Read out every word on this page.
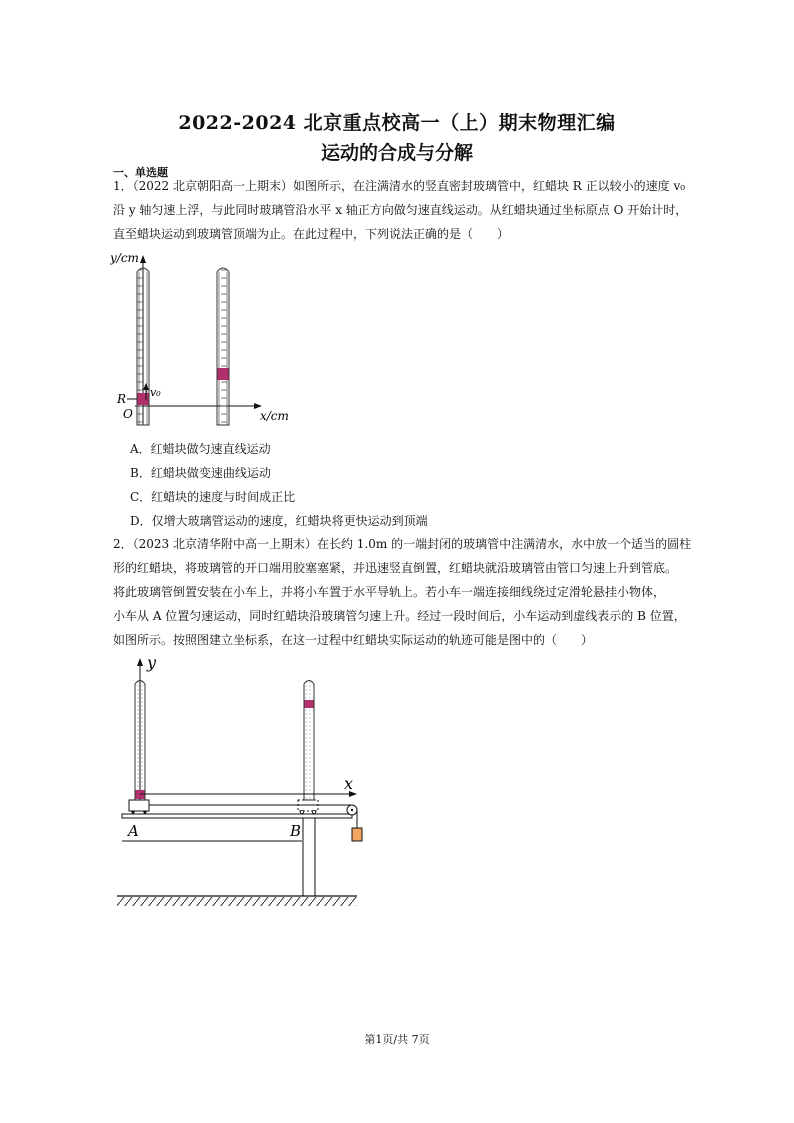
2022-2024 北京重点校高一（上）期末物理汇编
运动的合成与分解
一、单选题

1．（2022 北京朝阳高一上期末）如图所示，在注满清水的竖直密封玻璃管中，红蜡块 R 正以较小的速度 v₀

沿 y 轴匀速上浮，与此同时玻璃管沿水平 x 轴正方向做匀速直线运动。从红蜡块通过坐标原点 O 开始计时，

直至蜡块运动到玻璃管顶端为止。在此过程中，下列说法正确的是（　　）

y/cm
x/cm
v₀
R
O
A．红蜡块做匀速直线运动
B．红蜡块做变速曲线运动
C．红蜡块的速度与时间成正比
D．仅增大玻璃管运动的速度，红蜡块将更快运动到顶端

2．（2023 北京清华附中高一上期末）在长约 1.0m 的一端封闭的玻璃管中注满清水，水中放一个适当的圆柱

形的红蜡块，将玻璃管的开口端用胶塞塞紧，并迅速竖直倒置，红蜡块就沿玻璃管由管口匀速上升到管底。

将此玻璃管倒置安装在小车上，并将小车置于水平导轨上。若小车一端连接细线绕过定滑轮悬挂小物体，

小车从 A 位置匀速运动，同时红蜡块沿玻璃管匀速上升。经过一段时间后，小车运动到虚线表示的 B 位置，

如图所示。按照图建立坐标系，在这一过程中红蜡块实际运动的轨迹可能是图中的（　　）

y
x
A	B
第1页/共 7页
